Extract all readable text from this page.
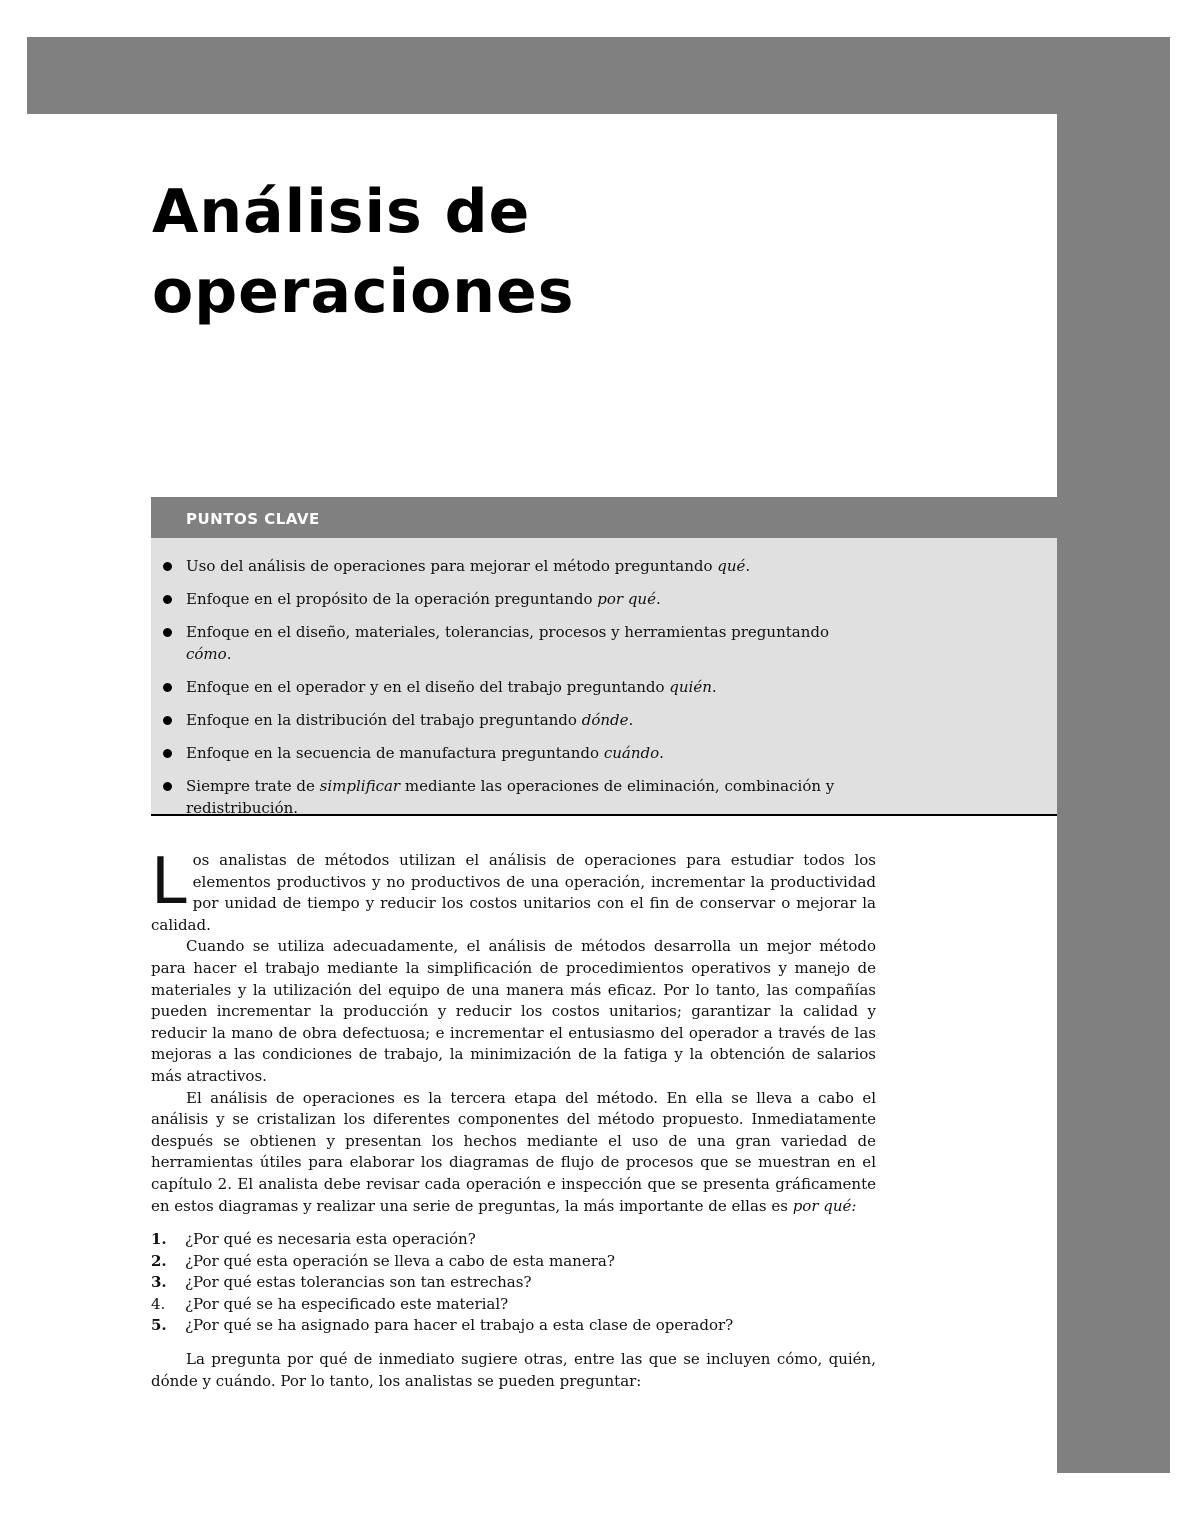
Análisis de
operaciones
PUNTOS CLAVE
Uso del análisis de operaciones para mejorar el método preguntando qué.
Enfoque en el propósito de la operación preguntando por qué.
Enfoque en el diseño, materiales, tolerancias, procesos y herramientas preguntando cómo.
Enfoque en el operador y en el diseño del trabajo preguntando quién.
Enfoque en la distribución del trabajo preguntando dónde.
Enfoque en la secuencia de manufactura preguntando cuándo.
Siempre trate de simplificar mediante las operaciones de eliminación, combinación y redistribución.

Los analistas de métodos utilizan el análisis de operaciones para estudiar todos los elementos productivos y no productivos de una operación, incrementar la productividad por unidad de tiempo y reducir los costos unitarios con el fin de conservar o mejorar la calidad.

Cuando se utiliza adecuadamente, el análisis de métodos desarrolla un mejor método para hacer el trabajo mediante la simplificación de procedimientos operativos y manejo de materiales y la utilización del equipo de una manera más eficaz. Por lo tanto, las compañías pueden incrementar la producción y reducir los costos unitarios; garantizar la calidad y reducir la mano de obra defectuosa; e incrementar el entusiasmo del operador a través de las mejoras a las condiciones de trabajo, la minimización de la fatiga y la obtención de salarios más atractivos.

El análisis de operaciones es la tercera etapa del método. En ella se lleva a cabo el análisis y se cristalizan los diferentes componentes del método propuesto. Inmediatamente después se obtienen y presentan los hechos mediante el uso de una gran variedad de herramientas útiles para elaborar los diagramas de flujo de procesos que se muestran en el capítulo 2. El analista debe revisar cada operación e inspección que se presenta gráficamente en estos diagramas y realizar una serie de preguntas, la más importante de ellas es por qué:

1. ¿Por qué es necesaria esta operación?
2. ¿Por qué esta operación se lleva a cabo de esta manera?
3. ¿Por qué estas tolerancias son tan estrechas?
4. ¿Por qué se ha especificado este material?
5. ¿Por qué se ha asignado para hacer el trabajo a esta clase de operador?

La pregunta por qué de inmediato sugiere otras, entre las que se incluyen cómo, quién, dónde y cuándo. Por lo tanto, los analistas se pueden preguntar:
